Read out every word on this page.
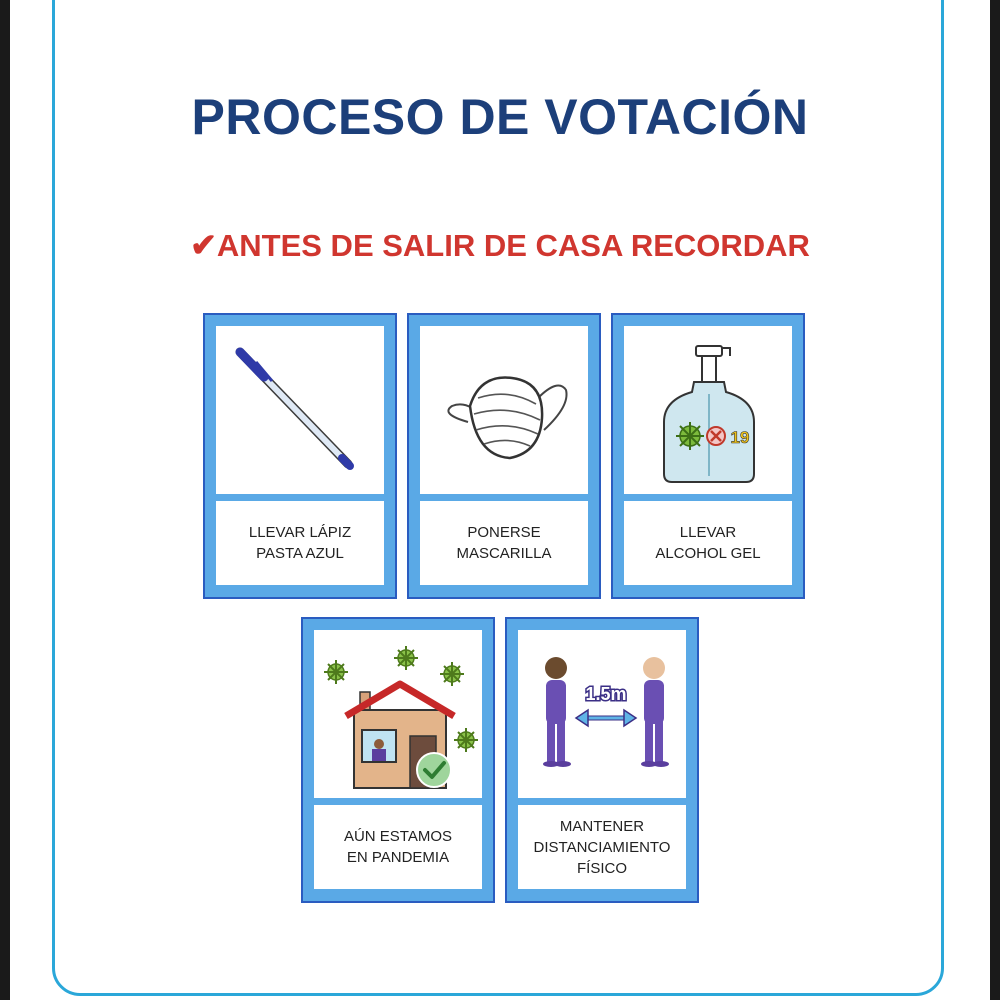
PROCESO DE VOTACIÓN
✔ANTES DE SALIR DE CASA RECORDAR
LLEVAR LÁPIZ
PASTA AZUL
PONERSE
MASCARILLA
19
LLEVAR
ALCOHOL GEL
AÚN ESTAMOS
EN PANDEMIA
1.5m
MANTENER
DISTANCIAMIENTO
FÍSICO
